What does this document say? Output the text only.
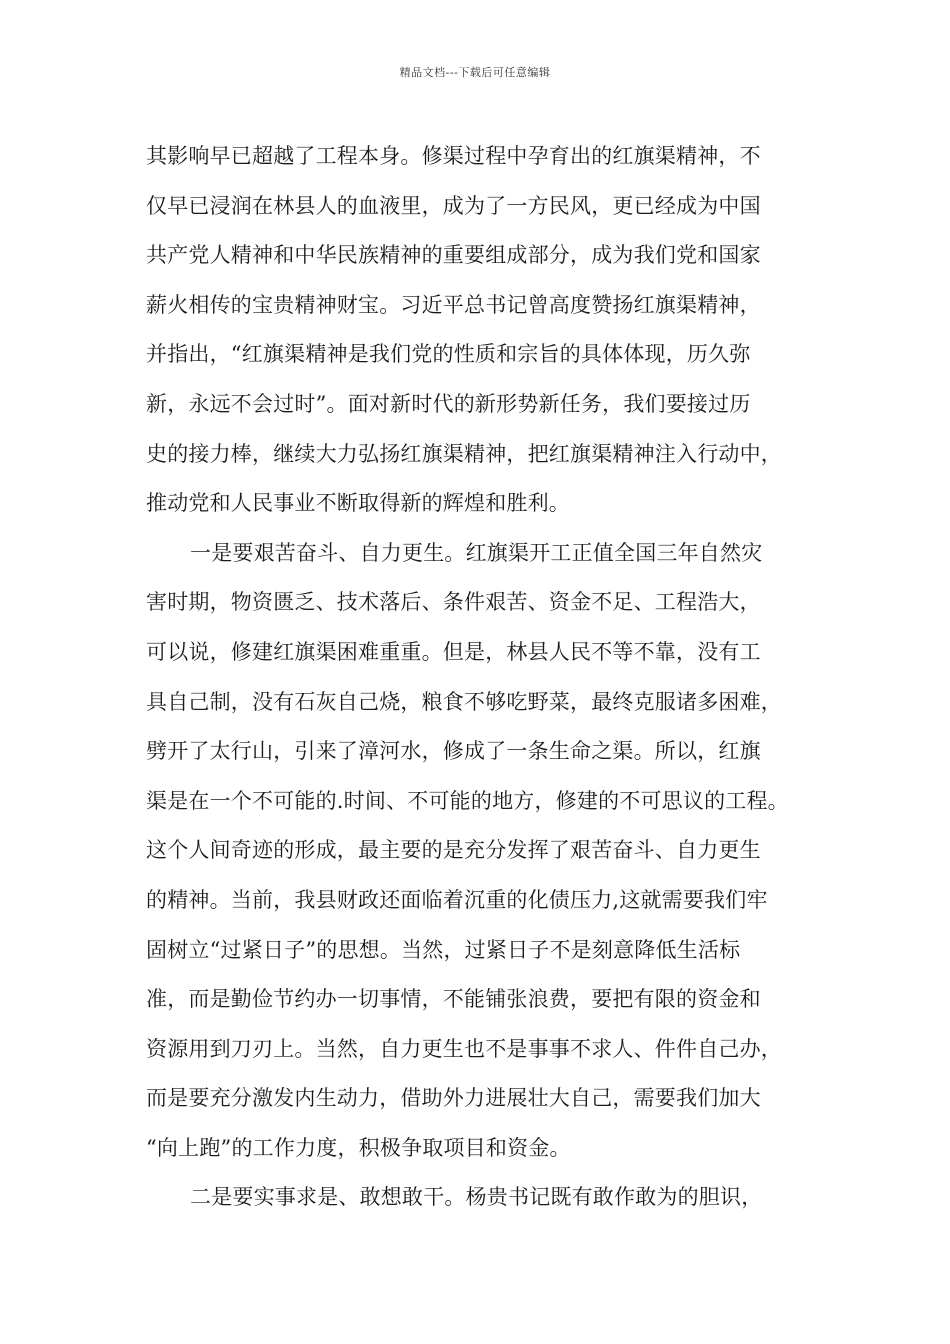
精品文档---下载后可任意编辑
其影响早已超越了工程本身。修渠过程中孕育出的红旗渠精神，不
仅早已浸润在林县人的血液里，成为了一方民风，更已经成为中国
共产党人精神和中华民族精神的重要组成部分，成为我们党和国家
薪火相传的宝贵精神财宝。习近平总书记曾高度赞扬红旗渠精神，
并指出，“红旗渠精神是我们党的性质和宗旨的具体体现，历久弥
新，永远不会过时”。面对新时代的新形势新任务，我们要接过历
史的接力棒，继续大力弘扬红旗渠精神，把红旗渠精神注入行动中，
推动党和人民事业不断取得新的辉煌和胜利。
一是要艰苦奋斗、自力更生。红旗渠开工正值全国三年自然灾
害时期，物资匮乏、技术落后、条件艰苦、资金不足、工程浩大，
可以说，修建红旗渠困难重重。但是，林县人民不等不靠，没有工
具自己制，没有石灰自己烧，粮食不够吃野菜，最终克服诸多困难，
劈开了太行山，引来了漳河水，修成了一条生命之渠。所以，红旗
渠是在一个不可能的.时间、不可能的地方，修建的不可思议的工程。
这个人间奇迹的形成，最主要的是充分发挥了艰苦奋斗、自力更生
的精神。当前，我县财政还面临着沉重的化债压力,这就需要我们牢
固树立“过紧日子”的思想。当然，过紧日子不是刻意降低生活标
准，而是勤俭节约办一切事情，不能铺张浪费，要把有限的资金和
资源用到刀刃上。当然，自力更生也不是事事不求人、件件自己办，
而是要充分激发内生动力，借助外力进展壮大自己，需要我们加大
“向上跑”的工作力度，积极争取项目和资金。
二是要实事求是、敢想敢干。杨贵书记既有敢作敢为的胆识，
